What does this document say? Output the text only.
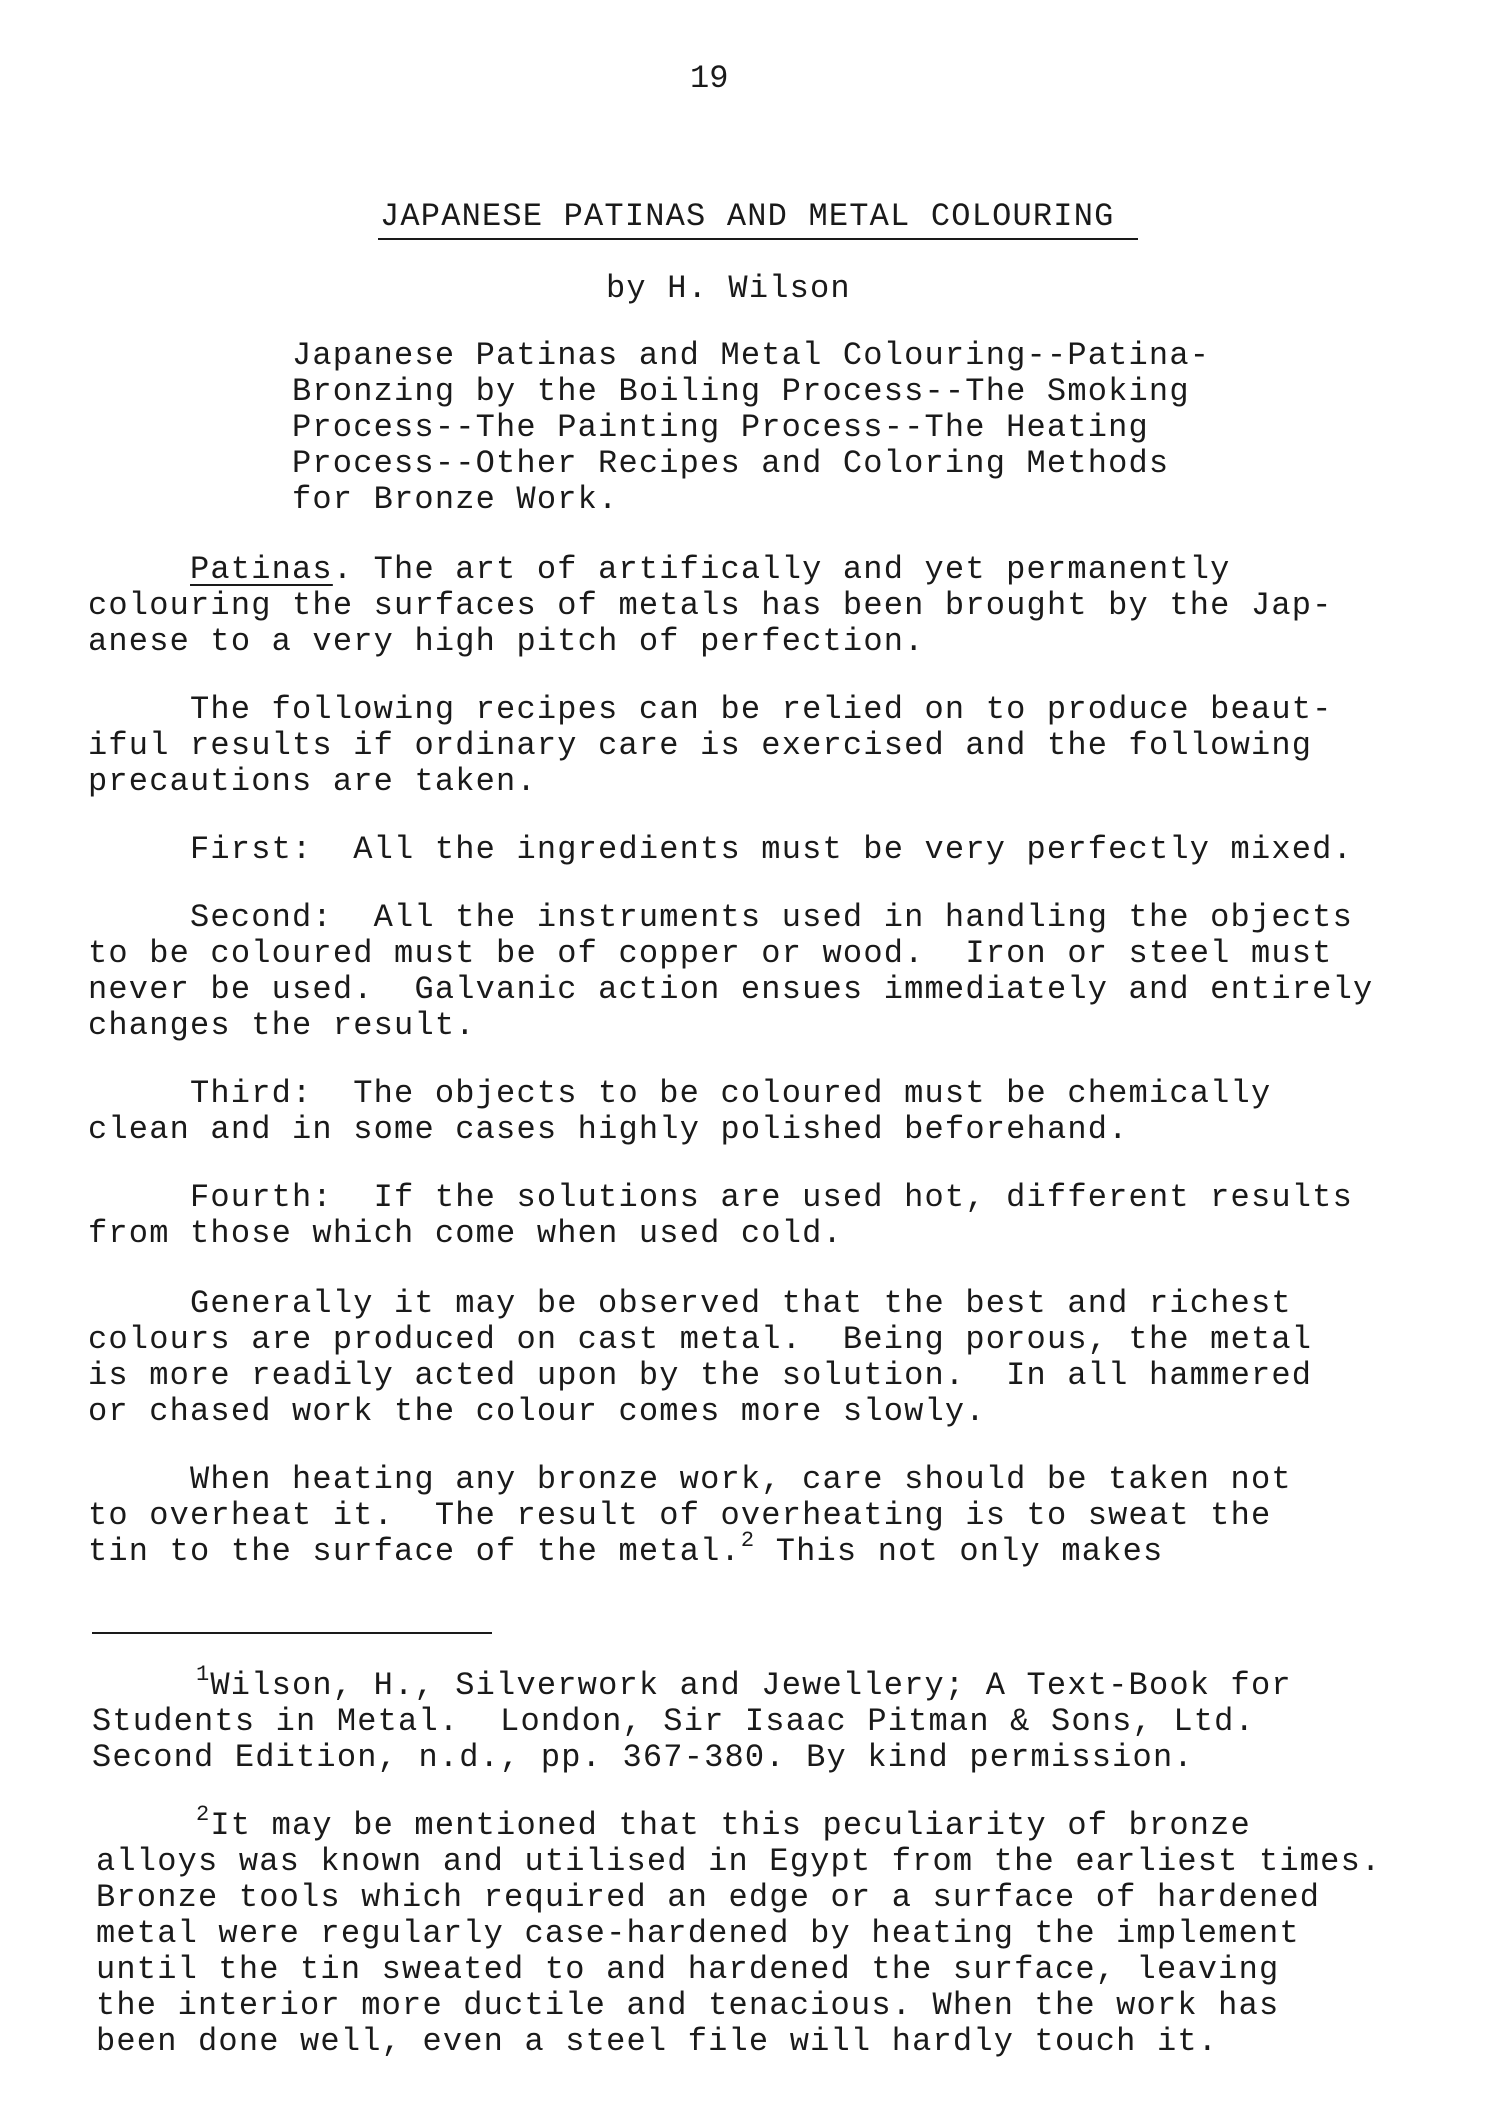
19
JAPANESE PATINAS AND METAL COLOURING
by H. Wilson
Japanese Patinas and Metal Colouring--Patina-
Bronzing by the Boiling Process--The Smoking
Process--The Painting Process--The Heating
Process--Other Recipes and Coloring Methods
for Bronze Work.
Patinas. The art of artifically and yet permanently
colouring the surfaces of metals has been brought by the Jap-
anese to a very high pitch of perfection.
The following recipes can be relied on to produce beaut-
iful results if ordinary care is exercised and the following
precautions are taken.
First:  All the ingredients must be very perfectly mixed.
Second:  All the instruments used in handling the objects
to be coloured must be of copper or wood.  Iron or steel must
never be used.  Galvanic action ensues immediately and entirely
changes the result.
Third:  The objects to be coloured must be chemically
clean and in some cases highly polished beforehand.
Fourth:  If the solutions are used hot, different results
from those which come when used cold.
Generally it may be observed that the best and richest
colours are produced on cast metal.  Being porous, the metal
is more readily acted upon by the solution.  In all hammered
or chased work the colour comes more slowly.
When heating any bronze work, care should be taken not
to overheat it.  The result of overheating is to sweat the
tin to the surface of the metal.$^2$ This not only makes
$^1$Wilson, H., Silverwork and Jewellery; A Text-Book for
Students in Metal.  London, Sir Isaac Pitman & Sons, Ltd.
Second Edition, n.d., pp. 367-380. By kind permission.
$^2$It may be mentioned that this peculiarity of bronze
alloys was known and utilised in Egypt from the earliest times.
Bronze tools which required an edge or a surface of hardened
metal were regularly case-hardened by heating the implement
until the tin sweated to and hardened the surface, leaving
the interior more ductile and tenacious. When the work has
been done well, even a steel file will hardly touch it.
